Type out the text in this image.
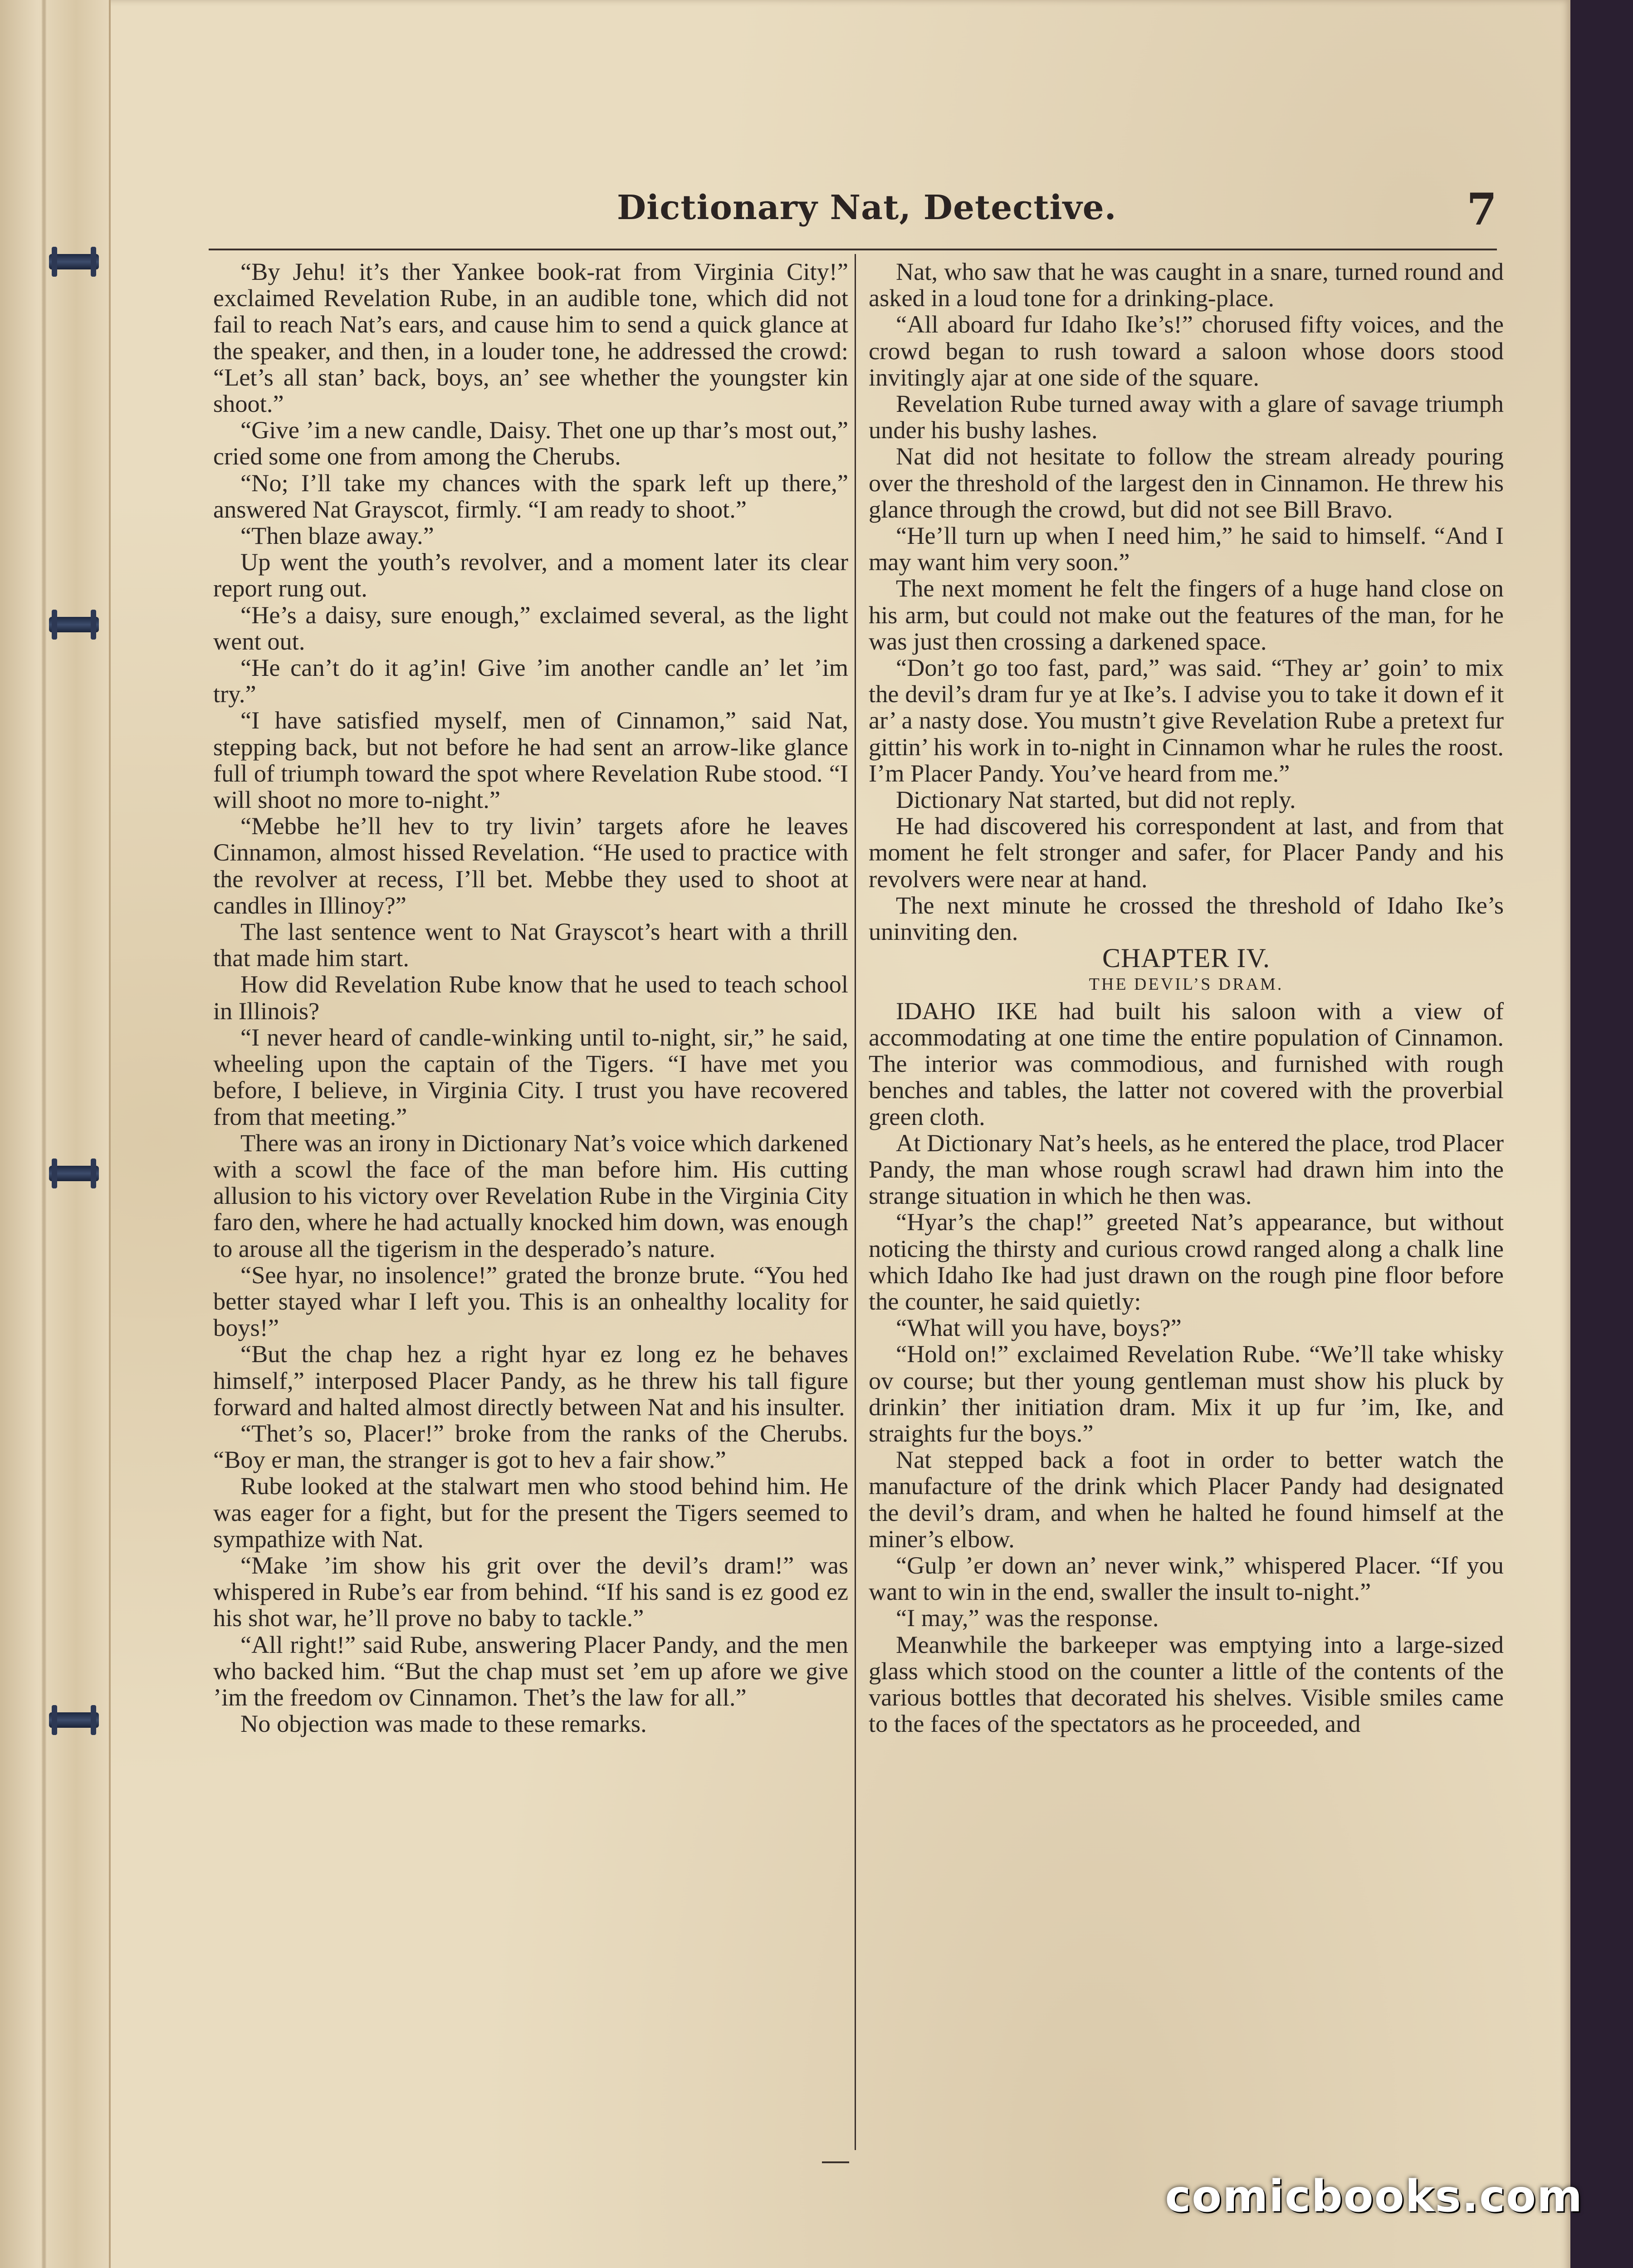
Dictionary Nat, Detective.	7

“By Jehu! it’s ther Yankee book-rat from Virginia City!” exclaimed Revelation Rube, in an audible tone, which did not fail to reach Nat’s ears, and cause him to send a quick glance at the speaker, and then, in a louder tone, he addressed the crowd: “Let’s all stan’ back, boys, an’ see whether the youngster kin shoot.”

“Give ’im a new candle, Daisy. Thet one up thar’s most out,” cried some one from among the Cherubs.

“No; I’ll take my chances with the spark left up there,” answered Nat Grayscot, firmly. “I am ready to shoot.”

“Then blaze away.”

Up went the youth’s revolver, and a moment later its clear report rung out.

“He’s a daisy, sure enough,” exclaimed several, as the light went out.

“He can’t do it ag’in! Give ’im another candle an’ let ’im try.”

“I have satisfied myself, men of Cinnamon,” said Nat, stepping back, but not before he had sent an arrow-like glance full of triumph toward the spot where Revelation Rube stood. “I will shoot no more to-night.”

“Mebbe he’ll hev to try livin’ targets afore he leaves Cinnamon, almost hissed Revelation. “He used to practice with the revolver at recess, I’ll bet. Mebbe they used to shoot at candles in Illinoy?”

The last sentence went to Nat Grayscot’s heart with a thrill that made him start.

How did Revelation Rube know that he used to teach school in Illinois?

“I never heard of candle-winking until to-night, sir,” he said, wheeling upon the captain of the Tigers. “I have met you before, I believe, in Virginia City. I trust you have recovered from that meeting.”

There was an irony in Dictionary Nat’s voice which darkened with a scowl the face of the man before him. His cutting allusion to his victory over Revelation Rube in the Virginia City faro den, where he had actually knocked him down, was enough to arouse all the tigerism in the desperado’s nature.

“See hyar, no insolence!” grated the bronze brute. “You hed better stayed whar I left you. This is an onhealthy locality for boys!”

“But the chap hez a right hyar ez long ez he behaves himself,” interposed Placer Pandy, as he threw his tall figure forward and halted almost directly between Nat and his insulter.

“Thet’s so, Placer!” broke from the ranks of the Cherubs. “Boy er man, the stranger is got to hev a fair show.”

Rube looked at the stalwart men who stood behind him. He was eager for a fight, but for the present the Tigers seemed to sympathize with Nat.

“Make ’im show his grit over the devil’s dram!” was whispered in Rube’s ear from behind. “If his sand is ez good ez his shot war, he’ll prove no baby to tackle.”

“All right!” said Rube, answering Placer Pandy, and the men who backed him. “But the chap must set ’em up afore we give ’im the freedom ov Cinnamon. Thet’s the law for all.”

No objection was made to these remarks.

Nat, who saw that he was caught in a snare, turned round and asked in a loud tone for a drinking-place.

“All aboard fur Idaho Ike’s!” chorused fifty voices, and the crowd began to rush toward a saloon whose doors stood invitingly ajar at one side of the square.

Revelation Rube turned away with a glare of savage triumph under his bushy lashes.

Nat did not hesitate to follow the stream already pouring over the threshold of the largest den in Cinnamon. He threw his glance through the crowd, but did not see Bill Bravo.

“He’ll turn up when I need him,” he said to himself. “And I may want him very soon.”

The next moment he felt the fingers of a huge hand close on his arm, but could not make out the features of the man, for he was just then crossing a darkened space.

“Don’t go too fast, pard,” was said. “They ar’ goin’ to mix the devil’s dram fur ye at Ike’s. I advise you to take it down ef it ar’ a nasty dose. You mustn’t give Revelation Rube a pretext fur gittin’ his work in to-night in Cinnamon whar he rules the roost. I’m Placer Pandy. You’ve heard from me.”

Dictionary Nat started, but did not reply.

He had discovered his correspondent at last, and from that moment he felt stronger and safer, for Placer Pandy and his revolvers were near at hand.

The next minute he crossed the threshold of Idaho Ike’s uninviting den.

CHAPTER IV.

THE DEVIL’S DRAM.

IDAHO IKE had built his saloon with a view of accommodating at one time the entire population of Cinnamon. The interior was commodious, and furnished with rough benches and tables, the latter not covered with the proverbial green cloth.

At Dictionary Nat’s heels, as he entered the place, trod Placer Pandy, the man whose rough scrawl had drawn him into the strange situation in which he then was.

“Hyar’s the chap!” greeted Nat’s appearance, but without noticing the thirsty and curious crowd ranged along a chalk line which Idaho Ike had just drawn on the rough pine floor before the counter, he said quietly:

“What will you have, boys?”

“Hold on!” exclaimed Revelation Rube. “We’ll take whisky ov course; but ther young gentleman must show his pluck by drinkin’ ther initiation dram. Mix it up fur ’im, Ike, and straights fur the boys.”

Nat stepped back a foot in order to better watch the manufacture of the drink which Placer Pandy had designated the devil’s dram, and when he halted he found himself at the miner’s elbow.

“Gulp ’er down an’ never wink,” whispered Placer. “If you want to win in the end, swaller the insult to-night.”

“I may,” was the response.

Meanwhile the barkeeper was emptying into a large-sized glass which stood on the counter a little of the contents of the various bottles that decorated his shelves. Visible smiles came to the faces of the spectators as he proceeded, and

comicbooks.com
